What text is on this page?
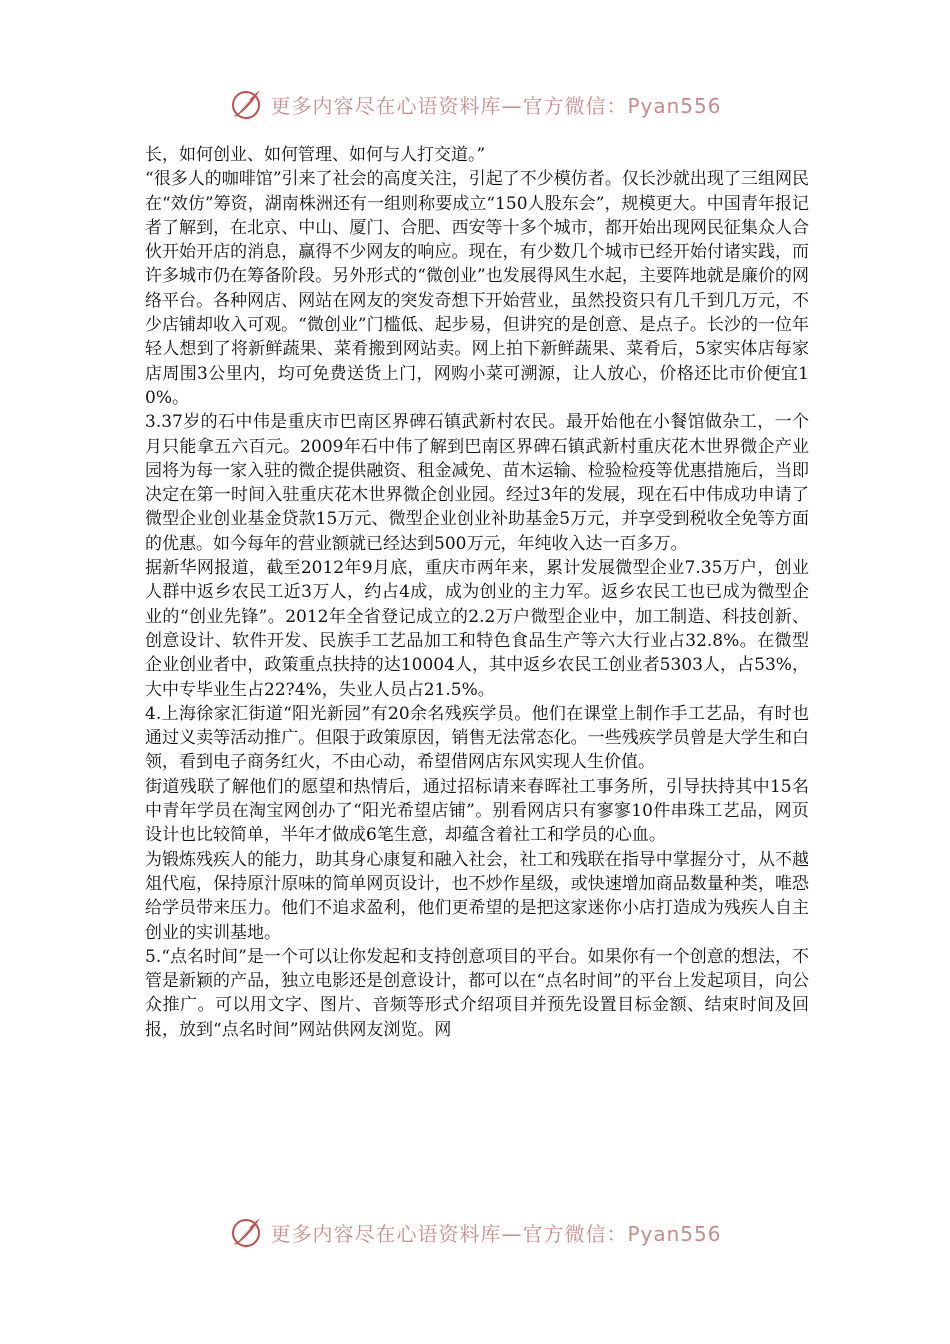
更多内容尽在心语资料库—官方微信：Pyan556

长，如何创业、如何管理、如何与人打交道。”

“很多人的咖啡馆”引来了社会的高度关注，引起了不少模仿者。仅长沙就出现了三组网民在“效仿”筹资，湖南株洲还有一组则称要成立“150人股东会”，规模更大。中国青年报记者了解到，在北京、中山、厦门、合肥、西安等十多个城市，都开始出现网民征集众人合伙开始开店的消息，赢得不少网友的响应。现在，有少数几个城市已经开始付诸实践，而许多城市仍在筹备阶段。另外形式的“微创业”也发展得风生水起，主要阵地就是廉价的网络平台。各种网店、网站在网友的突发奇想下开始营业，虽然投资只有几千到几万元，不少店铺却收入可观。“微创业”门槛低、起步易，但讲究的是创意、是点子。长沙的一位年轻人想到了将新鲜蔬果、菜肴搬到网站卖。网上拍下新鲜蔬果、菜肴后，5家实体店每家店周围3公里内，均可免费送货上门，网购小菜可溯源，让人放心，价格还比市价便宜10%。

3.37岁的石中伟是重庆市巴南区界碑石镇武新村农民。最开始他在小餐馆做杂工，一个月只能拿五六百元。2009年石中伟了解到巴南区界碑石镇武新村重庆花木世界微企产业园将为每一家入驻的微企提供融资、租金减免、苗木运输、检验检疫等优惠措施后，当即决定在第一时间入驻重庆花木世界微企创业园。经过3年的发展，现在石中伟成功申请了微型企业创业基金贷款15万元、微型企业创业补助基金5万元，并享受到税收全免等方面的优惠。如今每年的营业额就已经达到500万元，年纯收入达一百多万。

据新华网报道，截至2012年9月底，重庆市两年来，累计发展微型企业7.35万户，创业人群中返乡农民工近3万人，约占4成，成为创业的主力军。返乡农民工也已成为微型企业的“创业先锋”。2012年全省登记成立的2.2万户微型企业中，加工制造、科技创新、创意设计、软件开发、民族手工艺品加工和特色食品生产等六大行业占32.8%。在微型企业创业者中，政策重点扶持的达10004人，其中返乡农民工创业者5303人，占53%，大中专毕业生占22?4%，失业人员占21.5%。

4.上海徐家汇街道“阳光新园”有20余名残疾学员。他们在课堂上制作手工艺品，有时也通过义卖等活动推广。但限于政策原因，销售无法常态化。一些残疾学员曾是大学生和白领，看到电子商务红火，不由心动，希望借网店东风实现人生价值。

街道残联了解他们的愿望和热情后，通过招标请来春晖社工事务所，引导扶持其中15名中青年学员在淘宝网创办了“阳光希望店铺”。别看网店只有寥寥10件串珠工艺品，网页设计也比较简单，半年才做成6笔生意，却蕴含着社工和学员的心血。

为锻炼残疾人的能力，助其身心康复和融入社会，社工和残联在指导中掌握分寸，从不越俎代庖，保持原汁原味的简单网页设计，也不炒作星级，或快速增加商品数量种类，唯恐给学员带来压力。他们不追求盈利，他们更希望的是把这家迷你小店打造成为残疾人自主创业的实训基地。

5.“点名时间”是一个可以让你发起和支持创意项目的平台。如果你有一个创意的想法，不管是新颖的产品，独立电影还是创意设计，都可以在“点名时间”的平台上发起项目，向公众推广。可以用文字、图片、音频等形式介绍项目并预先设置目标金额、结束时间及回报，放到“点名时间”网站供网友浏览。网

更多内容尽在心语资料库—官方微信：Pyan556
